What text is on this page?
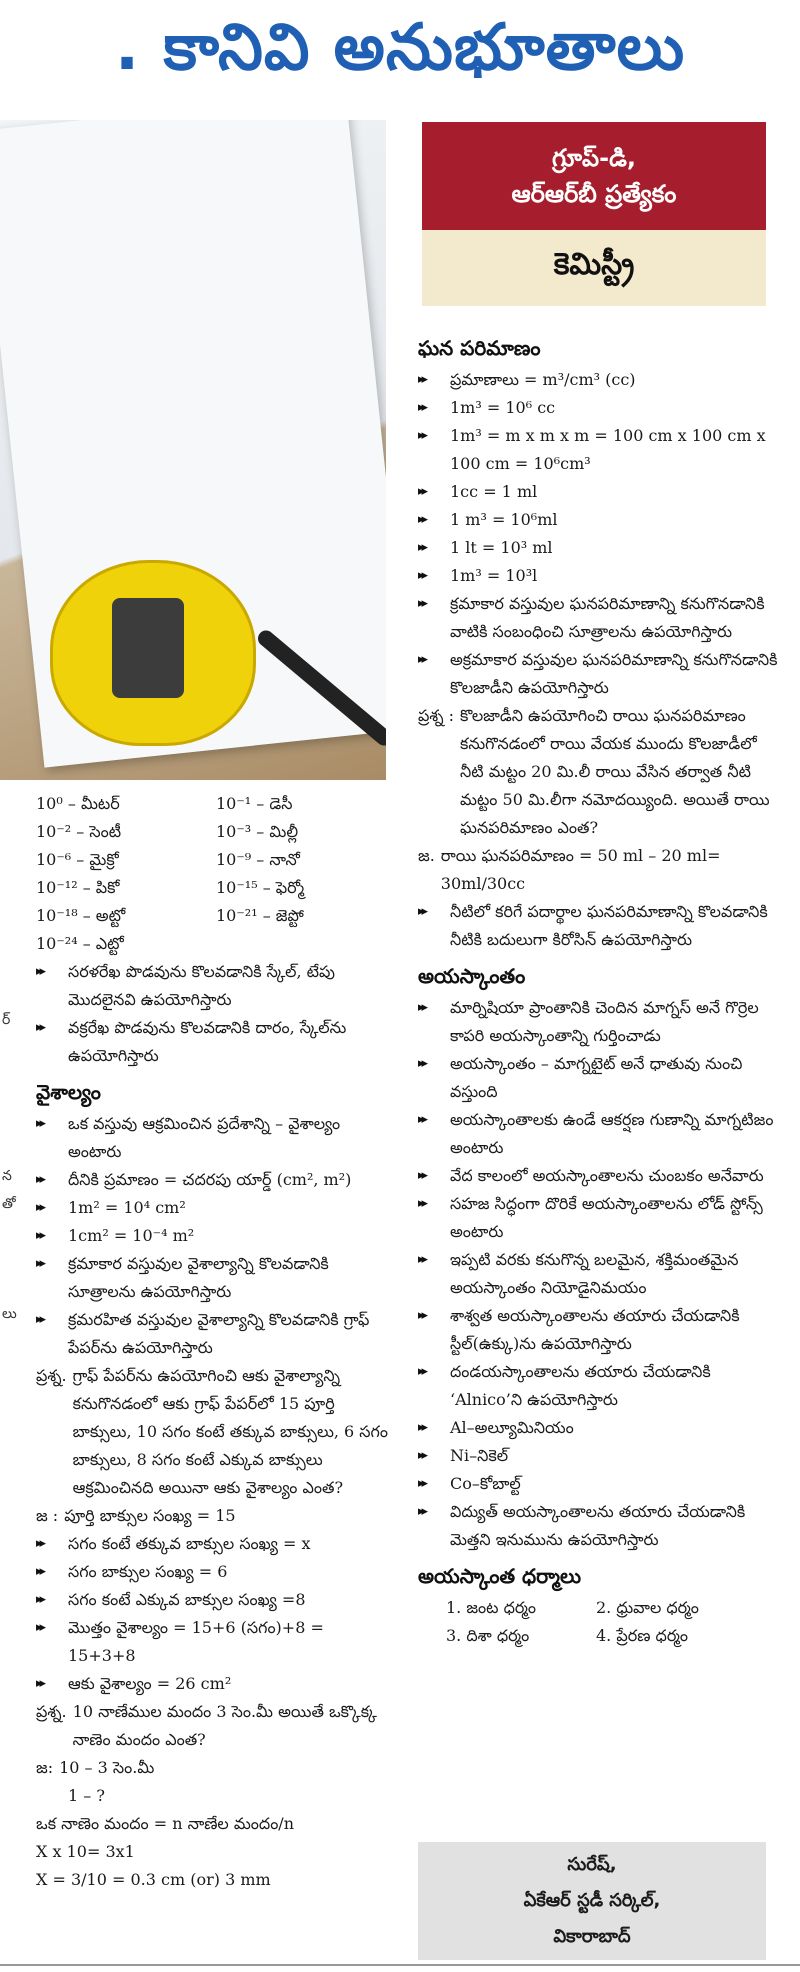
. కానివి అనుభూతాలు
గ్రూప్‌-డి,
ఆర్‌ఆర్‌బీ ప్రత్యేకం
కెమిస్ట్రీ
ఘన పరిమాణం
▸▸ ప్రమాణాలు = m³/cm³ (cc)
▸▸ 1m³ = 10⁶ cc
▸▸ 1m³ = m x m x m = 100 cm x 100 cm x 100 cm = 10⁶cm³
▸▸ 1cc = 1 ml
▸▸ 1 m³ = 10⁶ml
▸▸ 1 lt = 10³ ml
▸▸ 1m³ = 10³l
▸▸ క్రమాకార వస్తువుల ఘనపరిమాణాన్ని కనుగొనడానికి వాటికి సంబంధించి సూత్రాలను ఉపయోగిస్తారు
▸▸ అక్రమాకార వస్తువుల ఘనపరిమాణాన్ని కనుగొనడానికి కొలజాడీని ఉపయోగిస్తారు
ప్రశ్న : కొలజాడీని ఉపయోగించి రాయి ఘనపరిమాణం కనుగొనడంలో రాయి వేయక ముందు కొలజాడీలో నీటి మట్టం 20 మి.లీ రాయి వేసిన తర్వాత నీటి మట్టం 50 మి.లీగా నమోదయ్యింది. అయితే రాయి ఘనపరిమాణం ఎంత?
జ. రాయి ఘనపరిమాణం = 50 ml – 20 ml= 30ml/30cc
▸▸ నీటిలో కరిగే పదార్థాల ఘనపరిమాణాన్ని కొలవడానికి నీటికి బదులుగా కిరోసిన్ ఉపయోగిస్తారు
అయస్కాంతం
▸▸ మార్నిషియా ప్రాంతానికి చెందిన మాగ్నస్ అనే గొర్రెల కాపరి అయస్కాంతాన్ని గుర్తించాడు
▸▸ అయస్కాంతం – మాగ్నటైట్ అనే ధాతువు నుంచి వస్తుంది
▸▸ అయస్కాంతాలకు ఉండే ఆకర్షణ గుణాన్ని మాగ్నటిజం అంటారు
▸▸ వేద కాలంలో అయస్కాంతాలను చుంబకం అనేవారు
▸▸ సహజ సిద్ధంగా దొరికే అయస్కాంతాలను లోడ్ స్టోన్స్ అంటారు
▸▸ ఇప్పటి వరకు కనుగొన్న బలమైన, శక్తిమంతమైన అయస్కాంతం నియోడైనిమయం
▸▸ శాశ్వత అయస్కాంతాలను తయారు చేయడానికి స్టీల్(ఉక్కు)ను ఉపయోగిస్తారు
▸▸ దండయస్కాంతాలను తయారు చేయడానికి ‘Alnico’ని ఉపయోగిస్తారు
▸▸ Al–అల్యూమినియం
▸▸ Ni–నికెల్
▸▸ Co–కోబాల్ట్
▸▸ విద్యుత్ అయస్కాంతాలను తయారు చేయడానికి మెత్తని ఇనుమును ఉపయోగిస్తారు
అయస్కాంత ధర్మాలు
1. జంట ధర్మం	2. ధ్రువాల ధర్మం
3. దిశా ధర్మం	4. ప్రేరణ ధర్మం
10⁰ – మీటర్	10⁻¹ – డెసీ
10⁻² – సెంటీ	10⁻³ – మిల్లీ
10⁻⁶ – మైక్రో	10⁻⁹ – నానో
10⁻¹² – పికో	10⁻¹⁵ – ఫెర్మో
10⁻¹⁸ – అట్టో	10⁻²¹ – జెప్టో
10⁻²⁴ – ఎట్టో
▸▸ సరళరేఖ పొడవును కొలవడానికి స్కేల్, టేపు మొదలైనవి ఉపయోగిస్తారు
▸▸ వక్రరేఖ పొడవును కొలవడానికి దారం, స్కేల్‌ను ఉపయోగిస్తారు
వైశాల్యం
▸▸ ఒక వస్తువు ఆక్రమించిన ప్రదేశాన్ని – వైశాల్యం అంటారు
▸▸ దీనికి ప్రమాణం = చదరపు యార్డ్ (cm², m²)
▸▸ 1m² = 10⁴ cm²
▸▸ 1cm² = 10⁻⁴ m²
▸▸ క్రమాకార వస్తువుల వైశాల్యాన్ని కొలవడానికి సూత్రాలను ఉపయోగిస్తారు
▸▸ క్రమరహిత వస్తువుల వైశాల్యాన్ని కొలవడానికి గ్రాఫ్ పేపర్‌ను ఉపయోగిస్తారు
ప్రశ్న. గ్రాఫ్ పేపర్‌ను ఉపయోగించి ఆకు వైశాల్యాన్ని కనుగొనడంలో ఆకు గ్రాఫ్ పేపర్‌లో 15 పూర్తి బాక్సులు, 10 సగం కంటే తక్కువ బాక్సులు, 6 సగం బాక్సులు, 8 సగం కంటే ఎక్కువ బాక్సులు ఆక్రమించినది అయినా ఆకు వైశాల్యం ఎంత?
జ : పూర్తి బాక్సుల సంఖ్య = 15
▸▸ సగం కంటే తక్కువ బాక్సుల సంఖ్య = x
▸▸ సగం బాక్సుల సంఖ్య = 6
▸▸ సగం కంటే ఎక్కువ బాక్సుల సంఖ్య =8
▸▸ మొత్తం వైశాల్యం = 15+6 (సగం)+8 = 15+3+8
▸▸ ఆకు వైశాల్యం = 26 cm²
ప్రశ్న. 10 నాణేముల మందం 3 సెం.మీ అయితే ఒక్కొక్క నాణెం మందం ఎంత?
జ: 10 – 3 సెం.మీ
1 – ?
ఒక నాణెం మందం = n నాణేల మందం/n
X x 10= 3x1
X = 3/10 = 0.3 cm (or) 3 mm
న
తో
లు
ర్
సురేష్,
ఏకేఆర్ స్టడీ సర్కిల్,
వికారాబాద్
